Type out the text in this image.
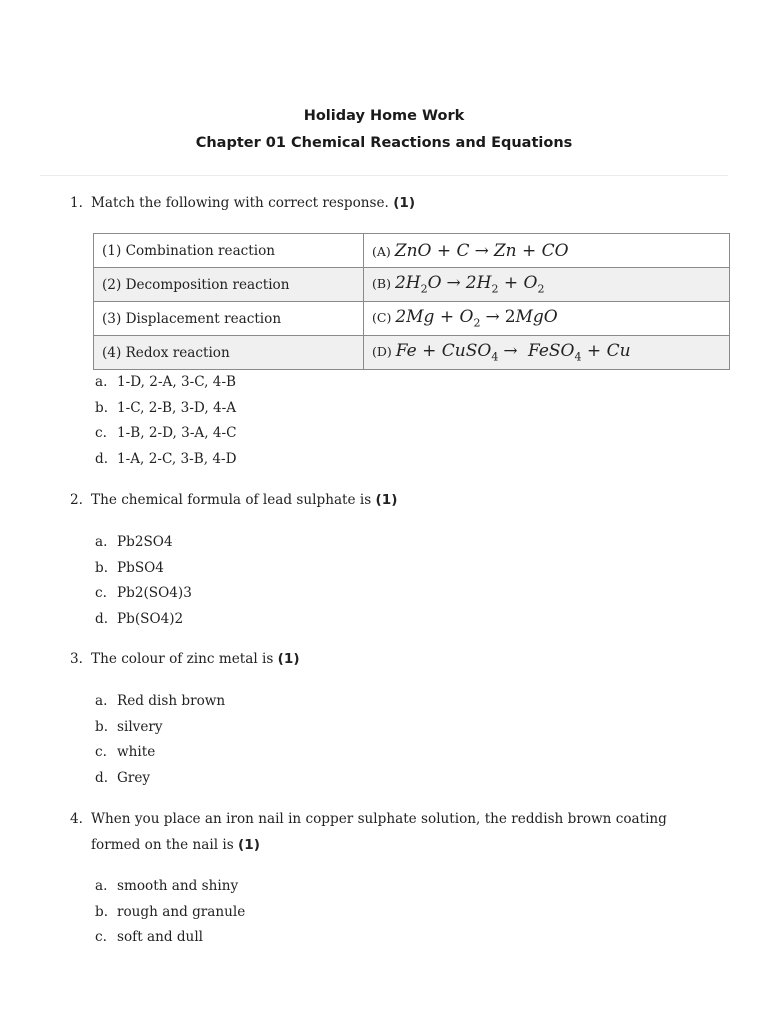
Holiday Home Work
Chapter 01 Chemical Reactions and Equations
1. Match the following with correct response. (1)
(1) Combination reaction	(A) ZnO + C → Zn + CO
(2) Decomposition reaction	(B) $2H_2O \to 2H_2 + O_2$
(3) Displacement reaction	(C) $2Mg + O_2 \to 2MgO$
(4) Redox reaction	(D) Fe + CuSO$_4$ → FeSO$_4$ + Cu
a. 1-D, 2-A, 3-C, 4-B
b. 1-C, 2-B, 3-D, 4-A
c. 1-B, 2-D, 3-A, 4-C
d. 1-A, 2-C, 3-B, 4-D
2. The chemical formula of lead sulphate is (1)
a. Pb2SO4
b. PbSO4
c. Pb2(SO4)3
d. Pb(SO4)2
3. The colour of zinc metal is (1)
a. Red dish brown
b. silvery
c. white
d. Grey
4. When you place an iron nail in copper sulphate solution, the reddish brown coating formed on the nail is (1)
a. smooth and shiny
b. rough and granule
c. soft and dull
